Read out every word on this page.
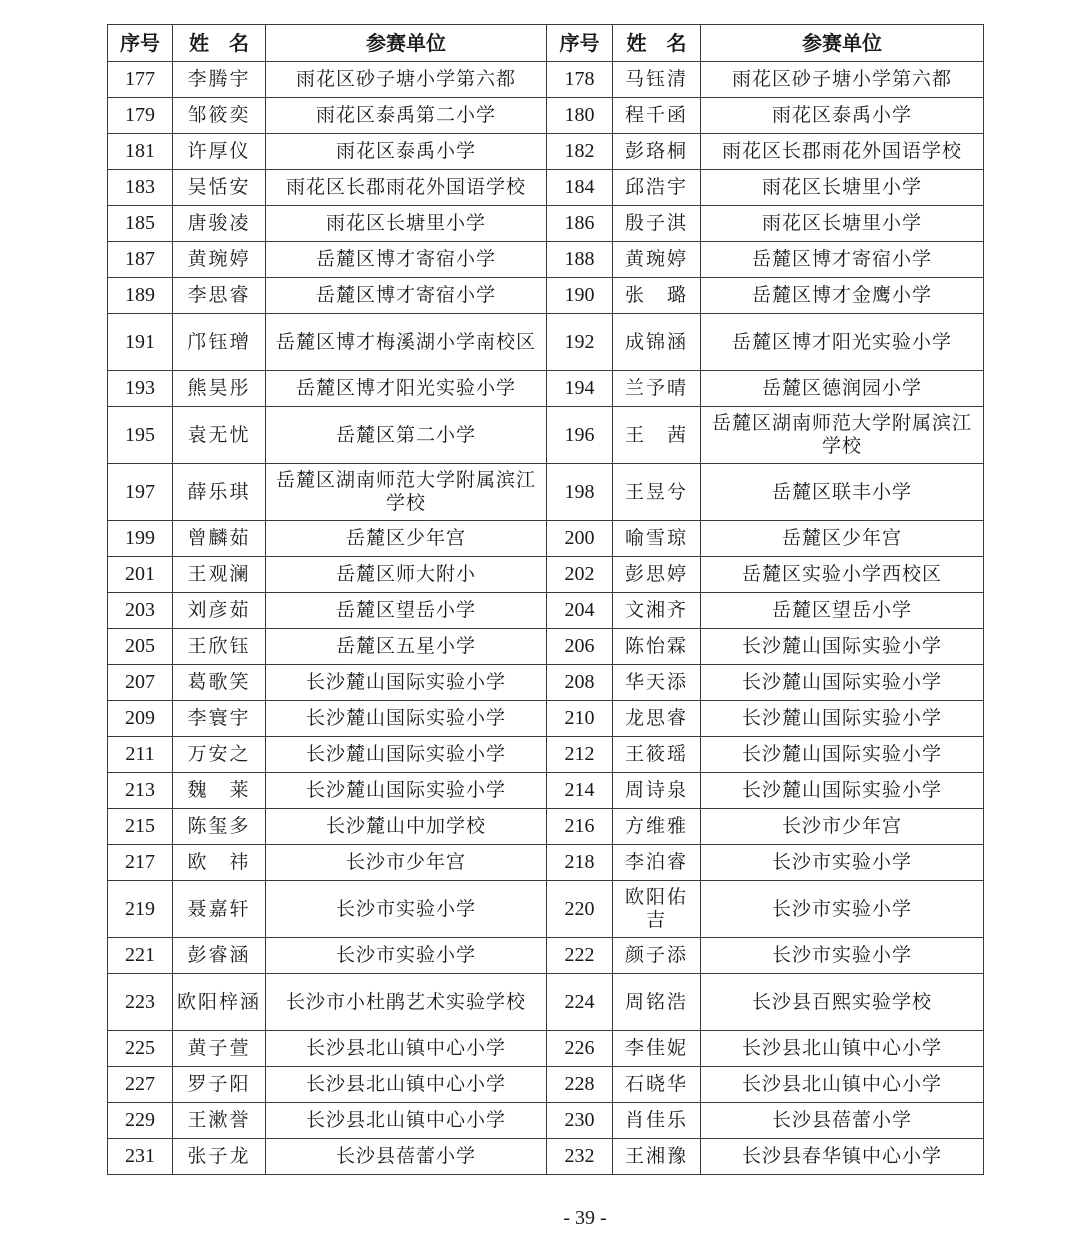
序号	姓　名	参赛单位	序号	姓　名	参赛单位
177	李腾宇	雨花区砂子塘小学第六都	178	马钰清	雨花区砂子塘小学第六都
179	邹筱奕	雨花区泰禹第二小学	180	程千函	雨花区泰禹小学
181	许厚仪	雨花区泰禹小学	182	彭珞桐	雨花区长郡雨花外国语学校
183	吴恬安	雨花区长郡雨花外国语学校	184	邱浩宇	雨花区长塘里小学
185	唐骏凌	雨花区长塘里小学	186	殷子淇	雨花区长塘里小学
187	黄琬婷	岳麓区博才寄宿小学	188	黄琬婷	岳麓区博才寄宿小学
189	李思睿	岳麓区博才寄宿小学	190	张　璐	岳麓区博才金鹰小学
191	邝钰璔	岳麓区博才梅溪湖小学南校区	192	成锦涵	岳麓区博才阳光实验小学
193	熊昊彤	岳麓区博才阳光实验小学	194	兰予晴	岳麓区德润园小学
195	袁无忧	岳麓区第二小学	196	王　茜	岳麓区湖南师范大学附属滨江学校
197	薛乐琪	岳麓区湖南师范大学附属滨江学校	198	王昱兮	岳麓区联丰小学
199	曾麟茹	岳麓区少年宫	200	喻雪琼	岳麓区少年宫
201	王观澜	岳麓区师大附小	202	彭思婷	岳麓区实验小学西校区
203	刘彦茹	岳麓区望岳小学	204	文湘齐	岳麓区望岳小学
205	王欣钰	岳麓区五星小学	206	陈怡霖	长沙麓山国际实验小学
207	葛歌笑	长沙麓山国际实验小学	208	华天添	长沙麓山国际实验小学
209	李寰宇	长沙麓山国际实验小学	210	龙思睿	长沙麓山国际实验小学
211	万安之	长沙麓山国际实验小学	212	王筱瑶	长沙麓山国际实验小学
213	魏　莱	长沙麓山国际实验小学	214	周诗泉	长沙麓山国际实验小学
215	陈玺多	长沙麓山中加学校	216	方维雅	长沙市少年宫
217	欧　祎	长沙市少年宫	218	李泊睿	长沙市实验小学
219	聂嘉轩	长沙市实验小学	220	欧阳佑吉	长沙市实验小学
221	彭睿涵	长沙市实验小学	222	颜子添	长沙市实验小学
223	欧阳梓涵	长沙市小杜鹃艺术实验学校	224	周铭浩	长沙县百熙实验学校
225	黄子萱	长沙县北山镇中心小学	226	李佳妮	长沙县北山镇中心小学
227	罗子阳	长沙县北山镇中心小学	228	石晓华	长沙县北山镇中心小学
229	王漱誉	长沙县北山镇中心小学	230	肖佳乐	长沙县蓓蕾小学
231	张子龙	长沙县蓓蕾小学	232	王湘豫	长沙县春华镇中心小学
- 39 -
